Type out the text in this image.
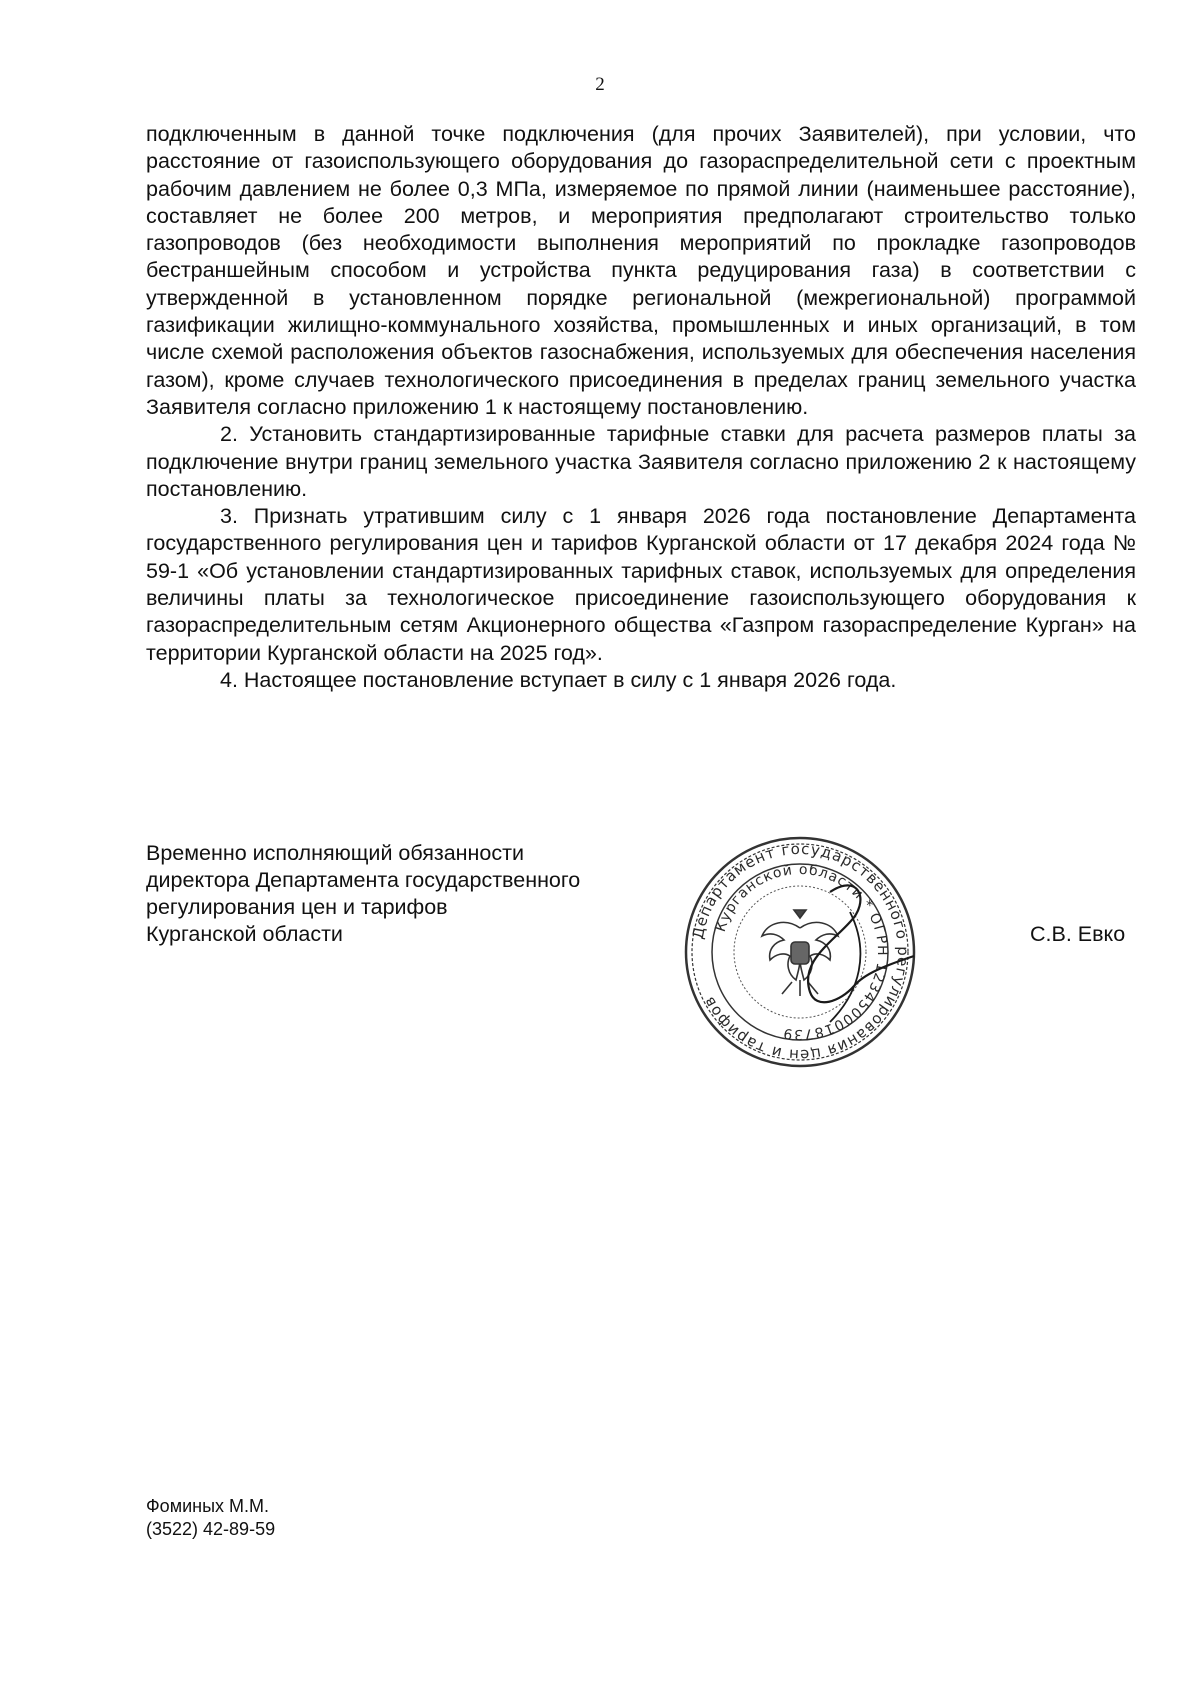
2

подключенным в данной точке подключения (для прочих Заявителей), при условии, что расстояние от газоиспользующего оборудования до газораспределительной сети с проектным рабочим давлением не более 0,3 МПа, измеряемое по прямой линии (наименьшее расстояние), составляет не более 200 метров, и мероприятия предполагают строительство только газопроводов (без необходимости выполнения мероприятий по прокладке газопроводов бестраншейным способом и устройства пункта редуцирования газа) в соответствии с утвержденной в установленном порядке региональной (межрегиональной) программой газификации жилищно-коммунального хозяйства, промышленных и иных организаций, в том числе схемой расположения объектов газоснабжения, используемых для обеспечения населения газом), кроме случаев технологического присоединения в пределах границ земельного участка Заявителя согласно приложению 1 к настоящему постановлению.

2. Установить стандартизированные тарифные ставки для расчета размеров платы за подключение внутри границ земельного участка Заявителя согласно приложению 2 к настоящему постановлению.

3. Признать утратившим силу с 1 января 2026 года постановление Департамента государственного регулирования цен и тарифов Курганской области от 17 декабря 2024 года № 59-1 «Об установлении стандартизированных тарифных ставок, используемых для определения величины платы за технологическое присоединение газоиспользующего оборудования к газораспределительным сетям Акционерного общества «Газпром газораспределение Курган» на территории Курганской области на 2025 год».

4. Настоящее постановление вступает в силу с 1 января 2026 года.

Временно исполняющий обязанности
директора Департамента государственного
регулирования цен и тарифов
Курганской области	Департамент государственного регулирования цен и тарифов
Курганской области * ОГРН 1234500018739
С.В. Евко
Фоминых М.М.
(3522) 42-89-59
